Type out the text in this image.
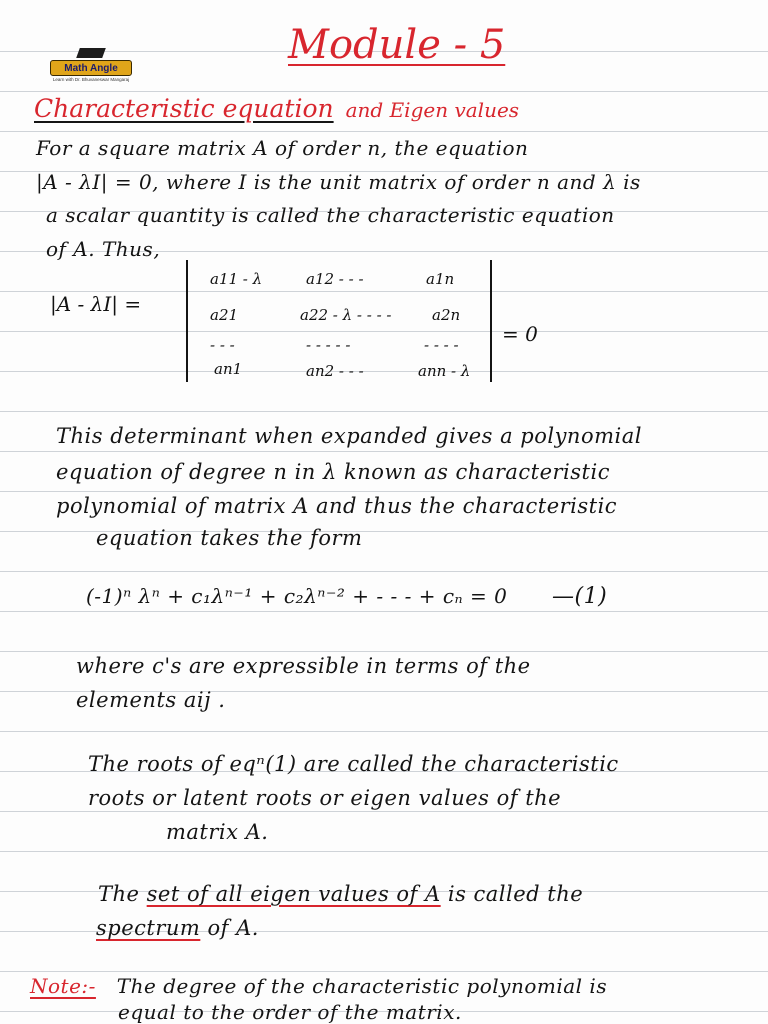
Math Angle
Learn with Dr. Bhuvaneswar Mangaraj
Module - 5
Characteristic equation and Eigen values
For a square matrix A of order n, the equation
|A - λI| = 0, where I is the unit matrix of order n and λ is
a scalar quantity is called the characteristic equation
of A. Thus,
|A - λI| =
a11 - λ	a12 - - -	a1n
a21	a22 - λ - - - -	a2n
- - -	- - - - -	- - - -
an1	an2 - - -	ann - λ
= 0
This determinant when expanded gives a polynomial
equation of degree n in λ known as characteristic
polynomial of matrix A and thus the characteristic
equation takes the form
(-1)ⁿ λⁿ + c₁λⁿ⁻¹ + c₂λⁿ⁻² + - - - + cₙ = 0 —(1)
where c's are expressible in terms of the
elements aij .
The roots of eqⁿ(1) are called the characteristic
roots or latent roots or eigen values of the
matrix A.
The set of all eigen values of A is called the
spectrum of A.
Note:- The degree of the characteristic polynomial is
equal to the order of the matrix.
